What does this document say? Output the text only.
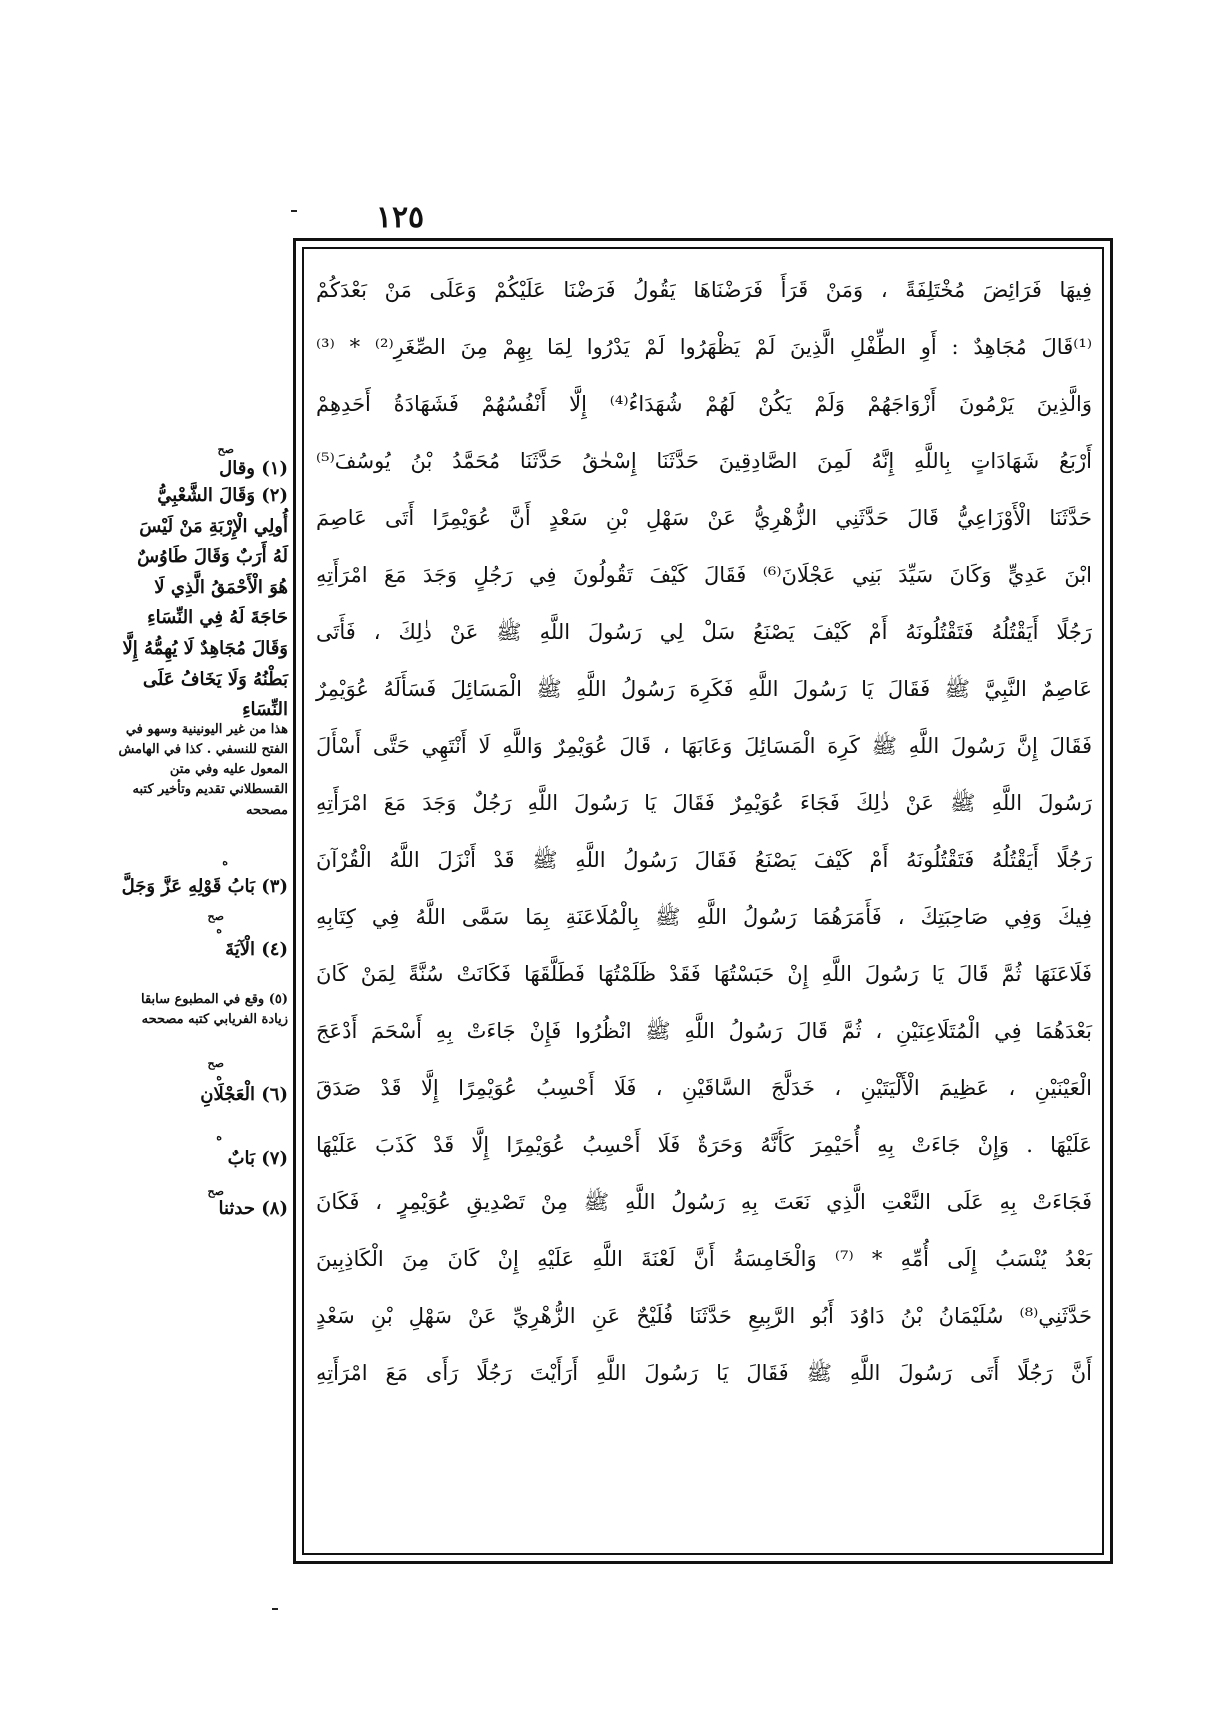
١٢٥
فِيهَا فَرَائِضَ مُخْتَلِفَةً ، وَمَنْ قَرَأَ فَرَضْنَاهَا يَقُولُ فَرَضْنَا عَلَيْكُمْ وَعَلَى مَنْ بَعْدَكُمْ
⁽¹⁾قَالَ مُجَاهِدٌ : أَوِ الطِّفْلِ الَّذِينَ لَمْ يَظْهَرُوا لَمْ يَدْرُوا لِمَا بِهِمْ مِنَ الصِّغَرِ⁽²⁾ * ⁽³⁾
وَالَّذِينَ يَرْمُونَ أَزْوَاجَهُمْ وَلَمْ يَكُنْ لَهُمْ شُهَدَاءُ⁽⁴⁾ إِلَّا أَنْفُسُهُمْ فَشَهَادَةُ أَحَدِهِمْ
أَرْبَعُ شَهَادَاتٍ بِاللَّهِ إِنَّهُ لَمِنَ الصَّادِقِينَ حَدَّثَنَا إِسْحٰقُ حَدَّثَنَا مُحَمَّدُ بْنُ يُوسُفَ⁽⁵⁾
حَدَّثَنَا الْأَوْزَاعِيُّ قَالَ حَدَّثَنِي الزُّهْرِيُّ عَنْ سَهْلِ بْنِ سَعْدٍ أَنَّ عُوَيْمِرًا أَتَى عَاصِمَ
ابْنَ عَدِيٍّ وَكَانَ سَيِّدَ بَنِي عَجْلَانَ⁽⁶⁾ فَقَالَ كَيْفَ تَقُولُونَ فِي رَجُلٍ وَجَدَ مَعَ امْرَأَتِهِ
رَجُلًا أَيَقْتُلُهُ فَتَقْتُلُونَهُ أَمْ كَيْفَ يَصْنَعُ سَلْ لِي رَسُولَ اللَّهِ ﷺ عَنْ ذٰلِكَ ، فَأَتَى
عَاصِمٌ النَّبِيَّ ﷺ فَقَالَ يَا رَسُولَ اللَّهِ فَكَرِهَ رَسُولُ اللَّهِ ﷺ الْمَسَائِلَ فَسَأَلَهُ عُوَيْمِرٌ
فَقَالَ إِنَّ رَسُولَ اللَّهِ ﷺ كَرِهَ الْمَسَائِلَ وَعَابَهَا ، قَالَ عُوَيْمِرٌ وَاللَّهِ لَا أَنْتَهِي حَتَّى أَسْأَلَ
رَسُولَ اللَّهِ ﷺ عَنْ ذٰلِكَ فَجَاءَ عُوَيْمِرٌ فَقَالَ يَا رَسُولَ اللَّهِ رَجُلٌ وَجَدَ مَعَ امْرَأَتِهِ
رَجُلًا أَيَقْتُلُهُ فَتَقْتُلُونَهُ أَمْ كَيْفَ يَصْنَعُ فَقَالَ رَسُولُ اللَّهِ ﷺ قَدْ أَنْزَلَ اللَّهُ الْقُرْآنَ
فِيكَ وَفِي صَاحِبَتِكَ ، فَأَمَرَهُمَا رَسُولُ اللَّهِ ﷺ بِالْمُلَاعَنَةِ بِمَا سَمَّى اللَّهُ فِي كِتَابِهِ
فَلَاعَنَهَا ثُمَّ قَالَ يَا رَسُولَ اللَّهِ إِنْ حَبَسْتُهَا فَقَدْ ظَلَمْتُهَا فَطَلَّقَهَا فَكَانَتْ سُنَّةً لِمَنْ كَانَ
بَعْدَهُمَا فِي الْمُتَلَاعِنَيْنِ ، ثُمَّ قَالَ رَسُولُ اللَّهِ ﷺ انْظُرُوا فَإِنْ جَاءَتْ بِهِ أَسْحَمَ أَدْعَجَ
الْعَيْنَيْنِ ، عَظِيمَ الْأَلْيَتَيْنِ ، خَدَلَّجَ السَّاقَيْنِ ، فَلَا أَحْسِبُ عُوَيْمِرًا إِلَّا قَدْ صَدَقَ
عَلَيْهَا . وَإِنْ جَاءَتْ بِهِ أُحَيْمِرَ كَأَنَّهُ وَحَرَةٌ فَلَا أَحْسِبُ عُوَيْمِرًا إِلَّا قَدْ كَذَبَ عَلَيْهَا
فَجَاءَتْ بِهِ عَلَى النَّعْتِ الَّذِي نَعَتَ بِهِ رَسُولُ اللَّهِ ﷺ مِنْ تَصْدِيقِ عُوَيْمِرٍ ، فَكَانَ
بَعْدُ يُنْسَبُ إِلَى أُمِّهِ * ⁽⁷⁾ وَالْخَامِسَةُ أَنَّ لَعْنَةَ اللَّهِ عَلَيْهِ إِنْ كَانَ مِنَ الْكَاذِبِينَ
حَدَّثَنِي⁽⁸⁾ سُلَيْمَانُ بْنُ دَاوُدَ أَبُو الرَّبِيعِ حَدَّثَنَا فُلَيْحٌ عَنِ الزُّهْرِيِّ عَنْ سَهْلِ بْنِ سَعْدٍ
أَنَّ رَجُلًا أَتَى رَسُولَ اللَّهِ ﷺ فَقَالَ يَا رَسُولَ اللَّهِ أَرَأَيْتَ رَجُلًا رَأَى مَعَ امْرَأَتِهِ
صح
(١) وقال
(٢) وَقَالَ الشَّعْبِيُّ أُولِي الْإِرْبَةِ مَنْ لَيْسَ لَهُ أَرَبٌ وَقَالَ طَاوُسٌ هُوَ الْأَحْمَقُ الَّذِي لَا حَاجَةَ لَهُ فِي النِّسَاءِ وَقَالَ مُجَاهِدٌ لَا يُهِمُّهُ إِلَّا بَطْنُهُ وَلَا يَخَافُ عَلَى النِّسَاءِ
هذا من غير اليونينية وسهو في الفتح للنسفي . كذا في الهامش المعول عليه وفي متن القسطلاني تقديم وتأخير كتبه مصححه
ه
(٣) بَابُ قَوْلِهِ عَزَّ وَجَلَّ
صح
ه
(٤) الْآيَةَ
(٥) وقع في المطبوع سابقا زيادة الفريابي كتبه مصححه
صح
ه
(٦) الْعَجْلَانِ
ه
(٧) بَابٌ
صح
(٨) حدثنا
